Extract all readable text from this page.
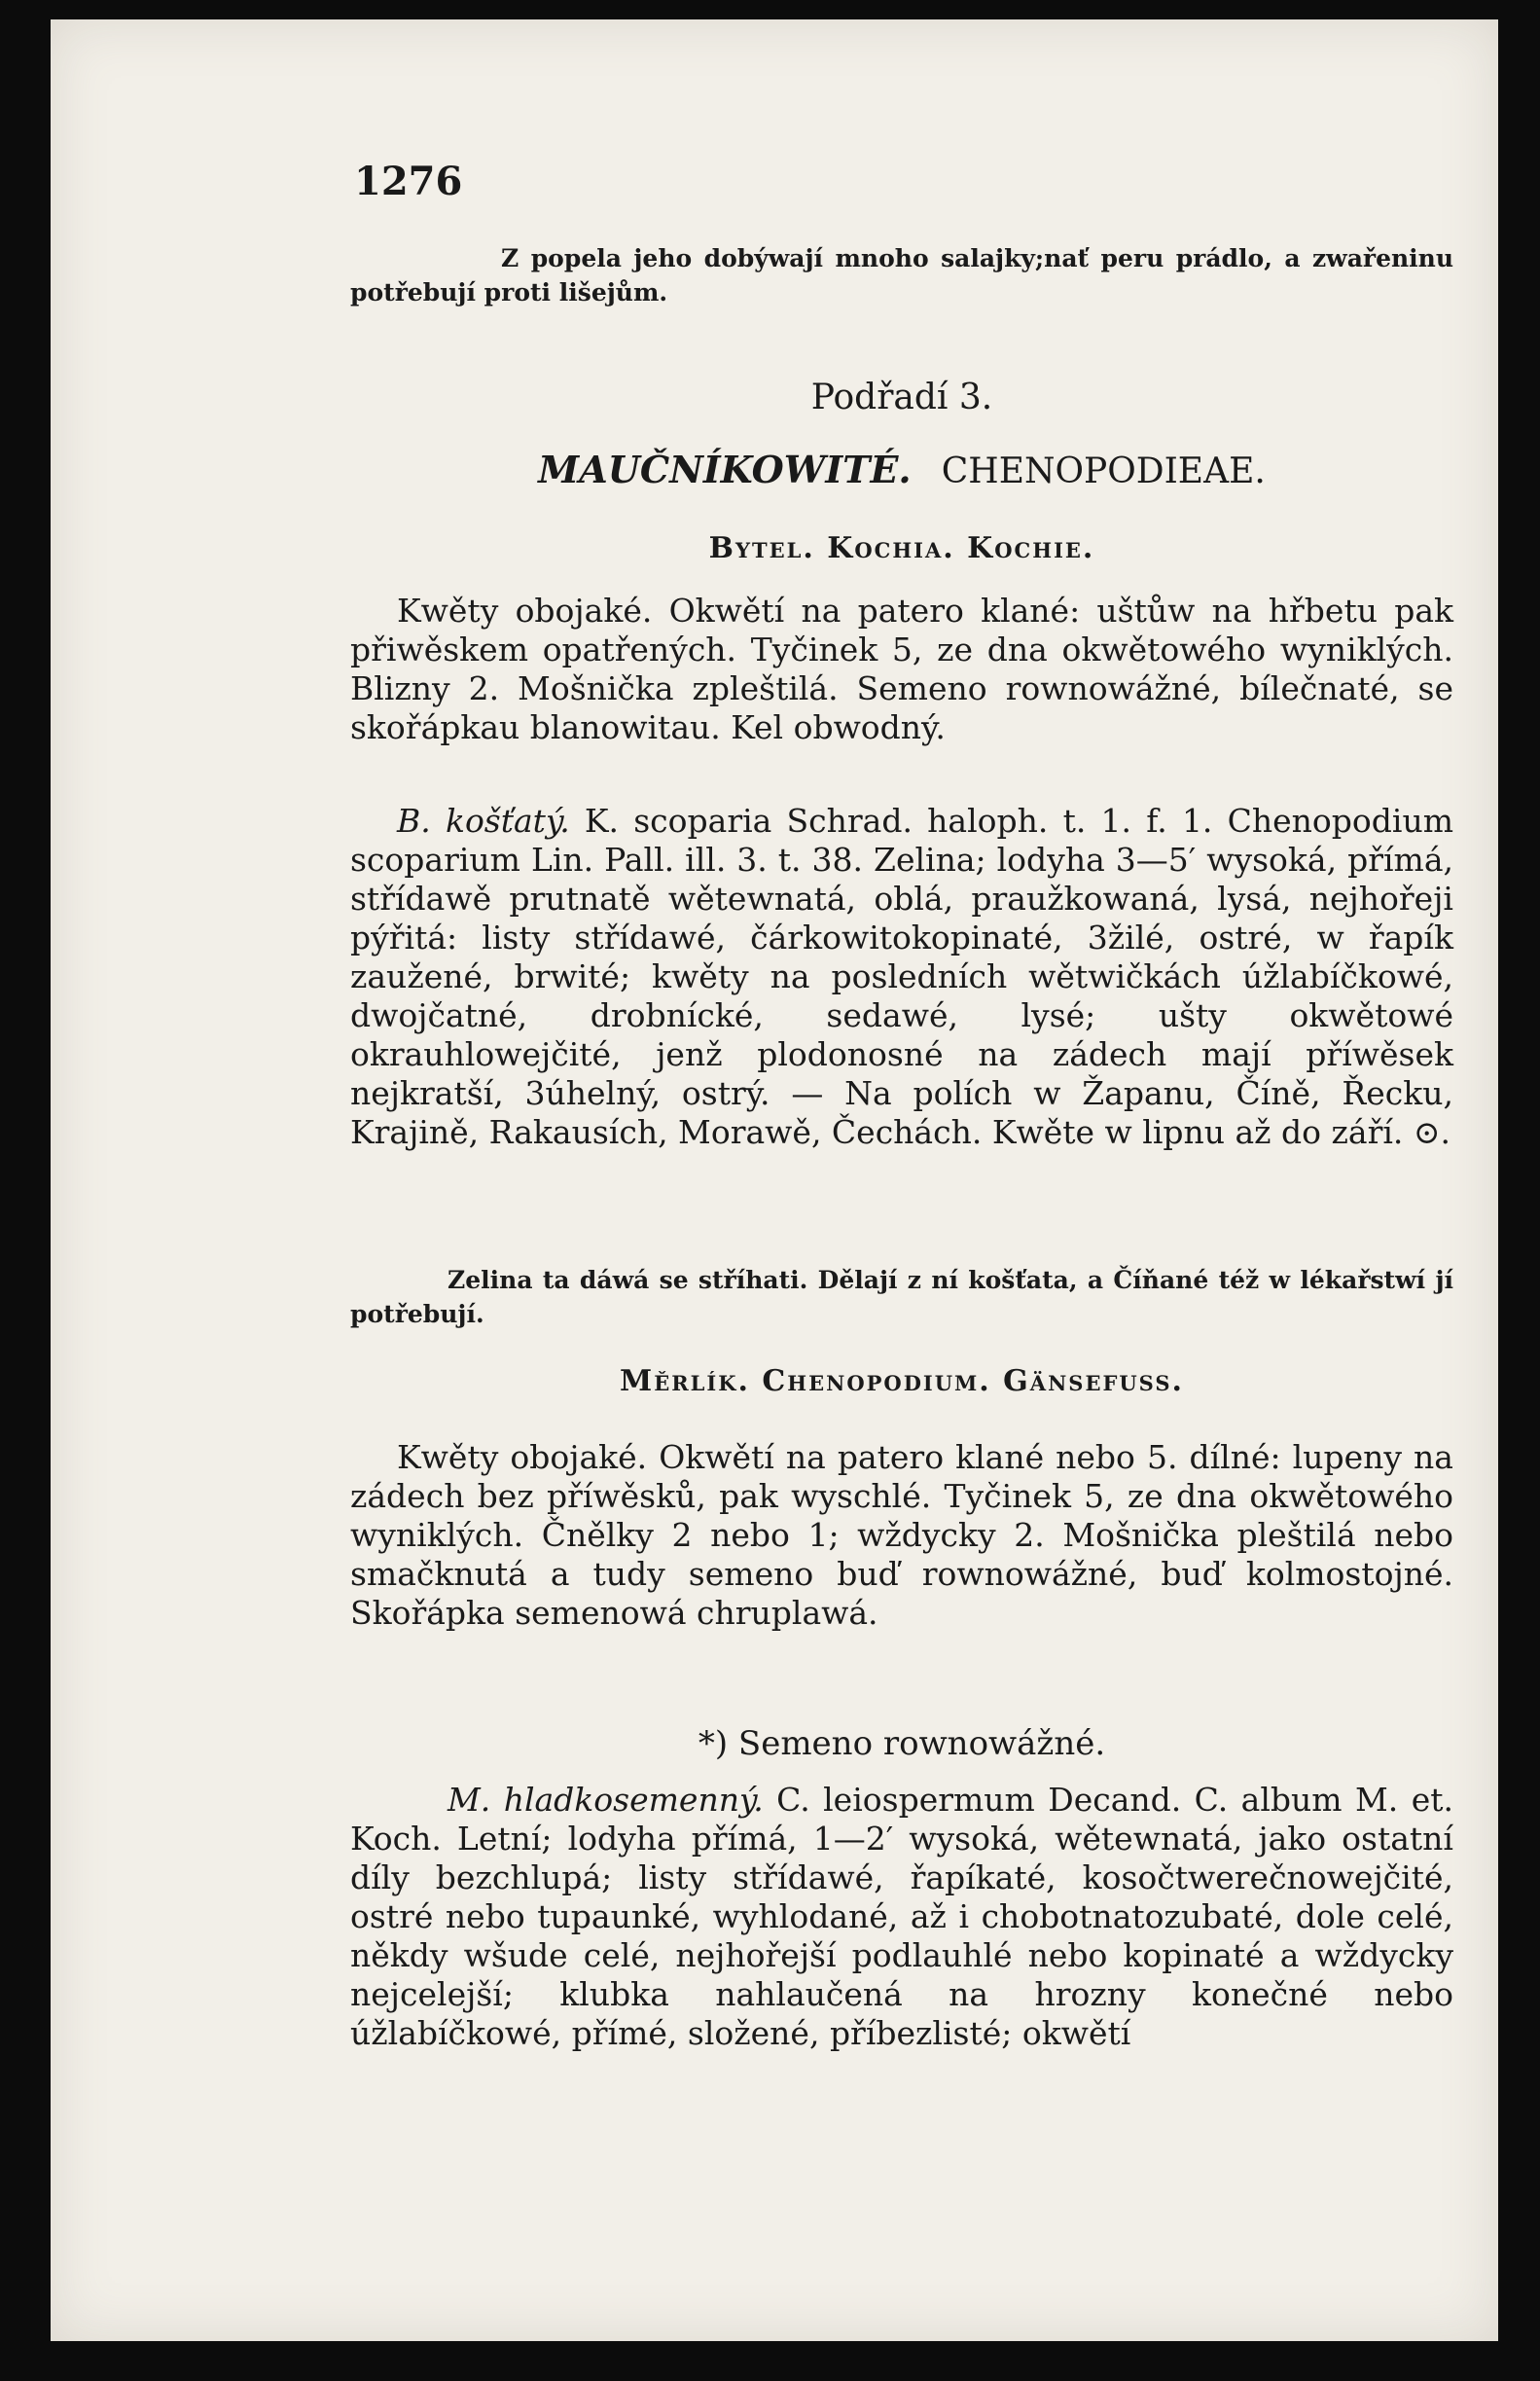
1276
Z popela jeho dobýwají mnoho salajky;nať peru prádlo, a zwařeninu potřebují proti lišejům.
Podřadí 3.
MAUČNÍKOWITÉ. CHENOPODIEAE.
Bytel. Kochia. Kochie.
Kwěty obojaké. Okwětí na patero klané: uštůw na hřbetu pak přiwěskem opatřených. Tyčinek 5, ze dna okwětowého wyniklých. Blizny 2. Mošnička zpleštilá. Semeno rownowážné, bílečnaté, se skořápkau blanowitau. Kel obwodný.
B. košťatý. K. scoparia Schrad. haloph. t. 1. f. 1. Chenopodium scoparium Lin. Pall. ill. 3. t. 38. Zelina; lodyha 3—5′ wysoká, přímá, střídawě prutnatě wětewnatá, oblá, praužkowaná, lysá, nejhořeji pýřitá: listy střídawé, čárkowitokopinaté, 3žilé, ostré, w řapík zaužené, brwité; kwěty na posledních wětwičkách úžlabíčkowé, dwojčatné, drobnícké, sedawé, lysé; ušty okwětowé okrauhlowejčité, jenž plodonosné na zádech mají příwěsek nejkratší, 3úhelný, ostrý. — Na polích w Žapanu, Číně, Řecku, Krajině, Rakausích, Morawě, Čechách. Kwěte w lipnu až do září. ⊙.
Zelina ta dáwá se stříhati. Dělají z ní košťata, a Číňané též w lékařstwí jí potřebují.
Měrlík. Chenopodium. Gänsefuss.
Kwěty obojaké. Okwětí na patero klané nebo 5. dílné: lupeny na zádech bez příwěsků, pak wyschlé. Tyčinek 5, ze dna okwětowého wyniklých. Čnělky 2 nebo 1; wždycky 2. Mošnička pleštilá nebo smačknutá a tudy semeno buď rownowážné, buď kolmostojné. Skořápka semenowá chruplawá.
*) Semeno rownowážné.
M. hladkosemenný. C. leiospermum Decand. C. album M. et. Koch. Letní; lodyha přímá, 1—2′ wysoká, wětewnatá, jako ostatní díly bezchlupá; listy střídawé, řapíkaté, kosočtwerečnowejčité, ostré nebo tupaunké, wyhlodané, až i chobotnatozubaté, dole celé, někdy wšude celé, nejhořejší podlauhlé nebo kopinaté a wždycky nejcelejší; klubka nahlaučená na hrozny konečné nebo úžlabíčkowé, přímé, složené, příbezlisté; okwětí
